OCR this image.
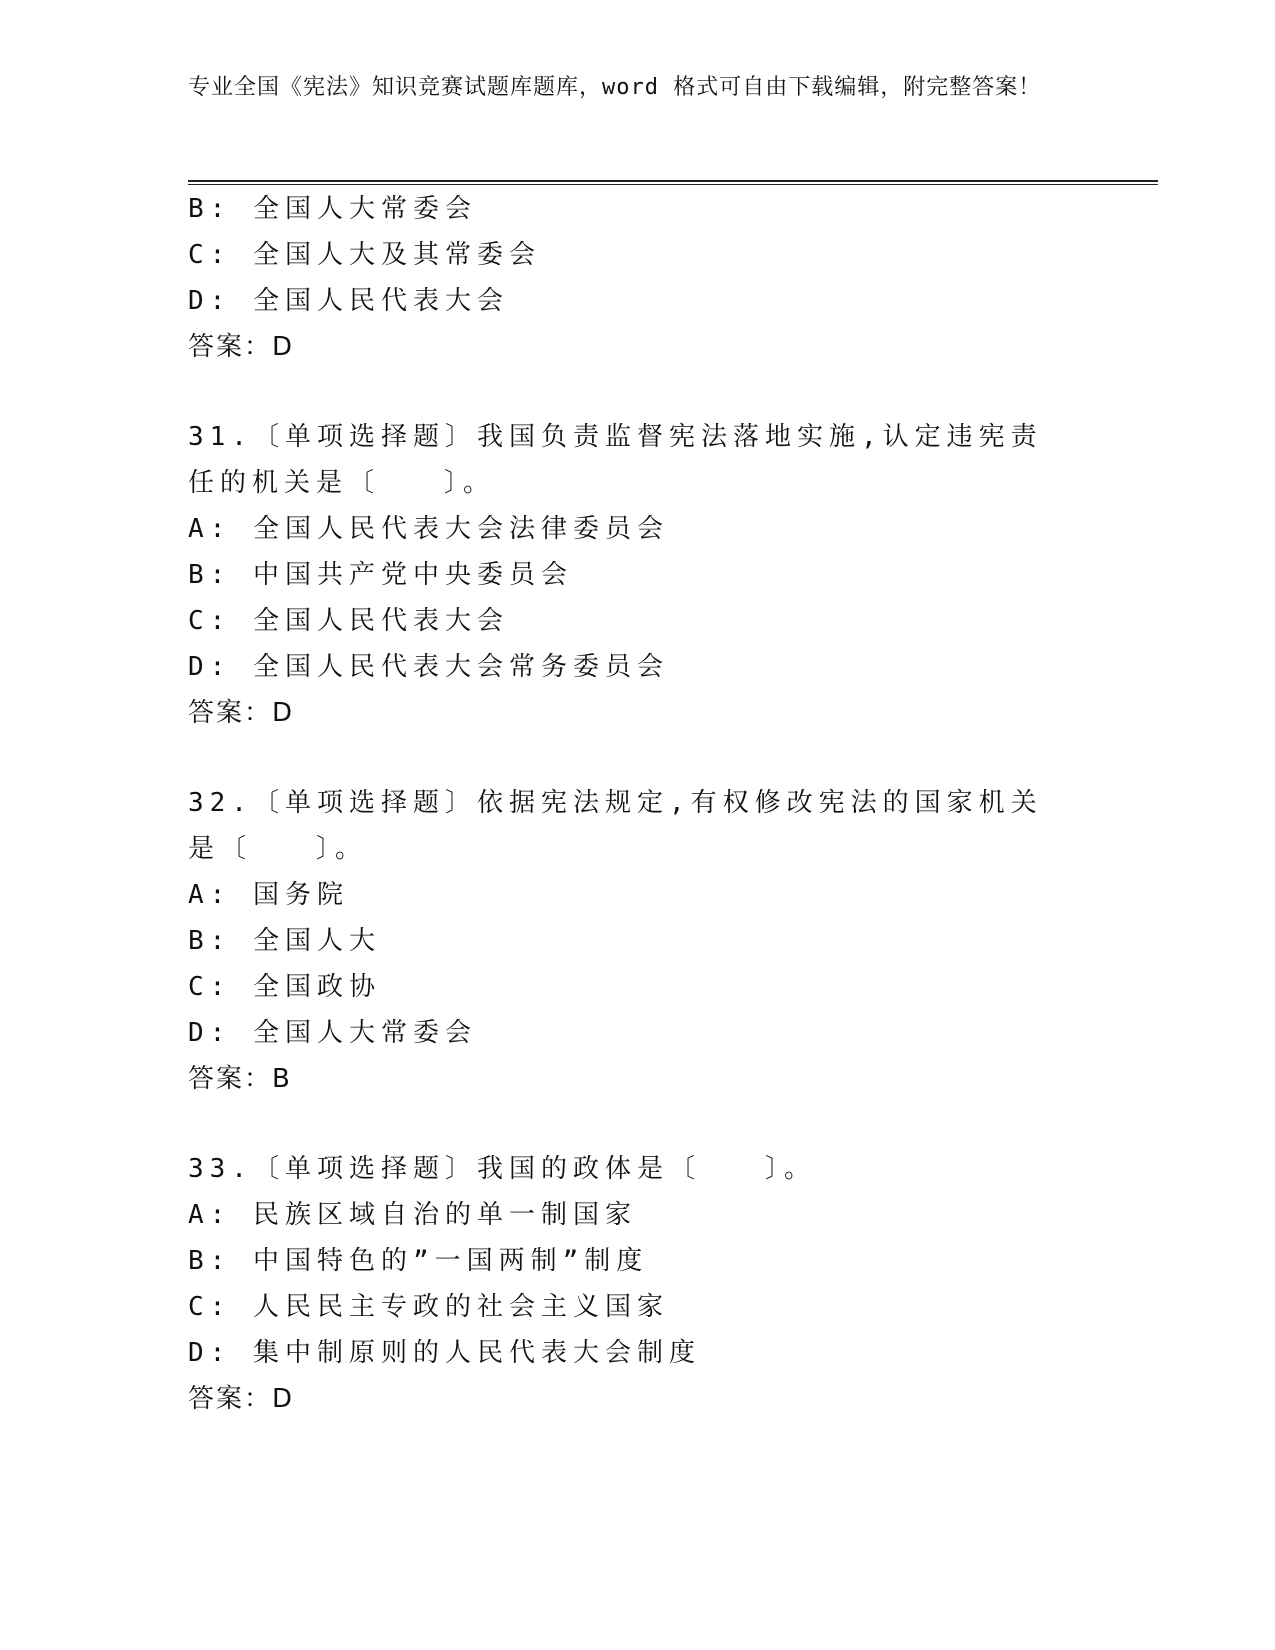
专业全国《宪法》知识竞赛试题库题库，word 格式可自由下载编辑，附完整答案！
B: 全国人大常委会
C: 全国人大及其常委会
D: 全国人民代表大会
答案：D
31.〔单项选择题〕我国负责监督宪法落地实施,认定违宪责任的机关是〔　　〕。
A: 全国人民代表大会法律委员会
B: 中国共产党中央委员会
C: 全国人民代表大会
D: 全国人民代表大会常务委员会
答案：D
32.〔单项选择题〕依据宪法规定,有权修改宪法的国家机关是〔　　〕。
A: 国务院
B: 全国人大
C: 全国政协
D: 全国人大常委会
答案：B
33.〔单项选择题〕我国的政体是〔　　〕。
A: 民族区域自治的单一制国家
B: 中国特色的”一国两制”制度
C: 人民民主专政的社会主义国家
D: 集中制原则的人民代表大会制度
答案：D
